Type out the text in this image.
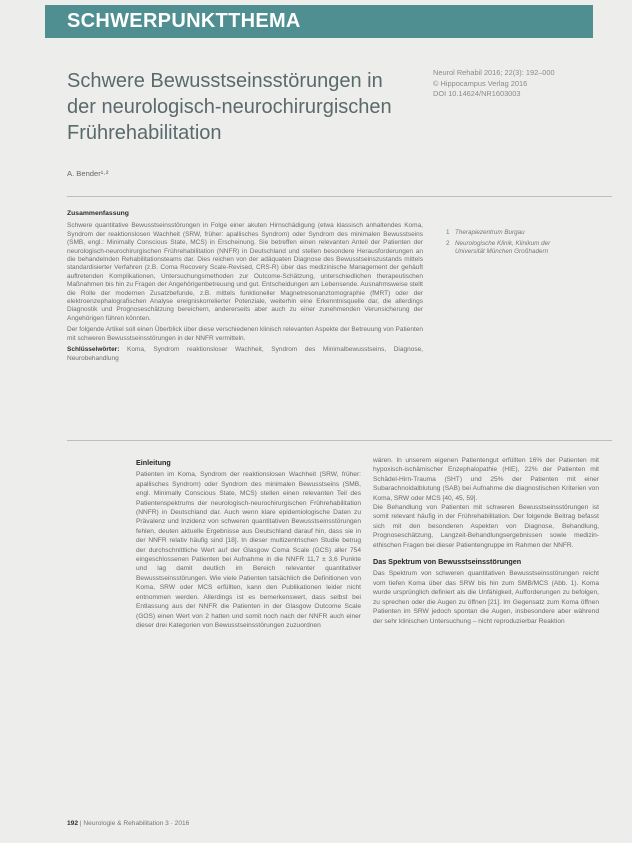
SCHWERPUNKTTHEMA
Schwere Bewusstseinsstörungen in der neurologisch-neurochirurgischen Frührehabilitation
Neurol Rehabil 2016; 22(3): 192–000
© Hippocampus Verlag 2016
DOI 10.14624/NR1603003
A. Bender¹·²
Zusammenfassung

Schwere quantitative Bewusstseinsstörungen in Folge einer akuten Hirnschädigung (etwa klassisch anhaltendes Koma, Syndrom der reaktionslosen Wachheit (SRW, früher: apallisches Syndrom) oder Syndrom des minimalen Bewusstseins (SMB, engl.: Minimally Conscious State, MCS) in Erscheinung. Sie betreffen einen relevanten Anteil der Patienten der neurologisch-neurochirurgischen Frührehabilitation (NNFR) in Deutschland und stellen besondere Herausforderungen an die behandelnden Rehabilitationsteams dar. Dies reichen von der adäquaten Diagnose des Bewusstseinszustands mittels standardisierter Verfahren (z.B. Coma Recovery Scale-Revised, CRS-R) über das medizinische Management der gehäuft auftretenden Komplikationen, Untersuchungsmethoden zur Outcome-Schätzung, unterschiedlichen therapeutischen Maßnahmen bis hin zu Fragen der Angehörigenbetreuung und gut. Entscheidungen am Lebensende. Ausnahmsweise stellt die Rolle der modernen Zusatzbefunde, z.B. mittels funktioneller Magnetresonanztomographie (fMRT) oder der elektroenzephalografischen Analyse ereigniskorrelierter Potenziale, weiterhin eine Erkenntnisquelle dar, die allerdings Diagnostik und Prognoseschätzung bereichern, andererseits aber auch zu einer zunehmenden Verunsicherung der Angehörigen führen könnten.

Der folgende Artikel soll einen Überblick über diese verschiedenen klinisch relevanten Aspekte der Betreuung von Patienten mit schweren Bewusstseinsstörungen in der NNFR vermitteln.

Schlüsselwörter: Koma, Syndrom reaktionsloser Wachheit, Syndrom des Minimalbewusstseins, Diagnose, Neurobehandlung

1 Therapiezentrum Burgau
2 Neurologische Klinik, Klinikum der Universität München Großhadern
Einleitung

Patienten im Koma, Syndrom der reaktionslosen Wachheit (SRW, früher: apallisches Syndrom) oder Syndrom des minimalen Bewusstseins (SMB, engl. Minimally Conscious State, MCS) stellen einen relevanten Teil des Patientenspektrums der neurologisch-neurochirurgischen Frührehabilitation (NNFR) in Deutschland dar. Auch wenn klare epidemiologische Daten zu Prävalenz und Inzidenz von schweren quantitativen Bewusstseinsstörungen fehlen, deuten aktuelle Ergebnisse aus Deutschland darauf hin, dass sie in der NNFR relativ häufig sind [18]. In dieser multizentrischen Studie betrug der durchschnittliche Wert auf der Glasgow Coma Scale (GCS) aller 754 eingeschlossenen Patienten bei Aufnahme in die NNFR 11,7 ± 3,6 Punkte und lag damit deutlich im Bereich relevanter quantitativer Bewusstseinsstörungen. Wie viele Patienten tatsächlich die Definitionen von Koma, SRW oder MCS erfüllten, kann den Publikationen leider nicht entnommen werden. Allerdings ist es bemerkenswert, dass selbst bei Entlassung aus der NNFR die Patienten in der Glasgow Outcome Scale (GOS) einen Wert von 2 hatten und somit noch nach der NNFR auch einer dieser drei Kategorien von Bewusstseinsstörungen zuzuordnen

wären. In unserem eigenen Patientengut erfüllten 16% der Patienten mit hypoxisch-ischämischer Enzephalopathie (HIE), 22% der Patienten mit Schädel-Hirn-Trauma (SHT) und 25% der Patienten mit einer Subarachnoidalblutung (SAB) bei Aufnahme die diagnostischen Kriterien von Koma, SRW oder MCS [40, 45, 59].
Die Behandlung von Patienten mit schweren Bewusstseinsstörungen ist somit relevant häufig in der Frührehabilitation. Der folgende Beitrag befasst sich mit den besonderen Aspekten von Diagnose, Behandlung, Prognoseschätzung, Langzeit-Behandlungsergebnissen sowie medizin-ethischen Fragen bei dieser Patientengruppe im Rahmen der NNFR.

Das Spektrum von Bewusstseinsstörungen

Das Spektrum von schweren quantitativen Bewusstseinsstörungen reicht vom tiefen Koma über das SRW bis hin zum SMB/MCS (Abb. 1). Koma wurde ursprünglich definiert als die Unfähigkeit, Aufforderungen zu befolgen, zu sprechen oder die Augen zu öffnen [21]. Im Gegensatz zum Koma öffnen Patienten im SRW jedoch spontan die Augen, insbesondere aber während der sehr klinischen Untersuchung – nicht reproduzierbar Reaktion

192 | Neurologie & Rehabilitation 3 · 2016
